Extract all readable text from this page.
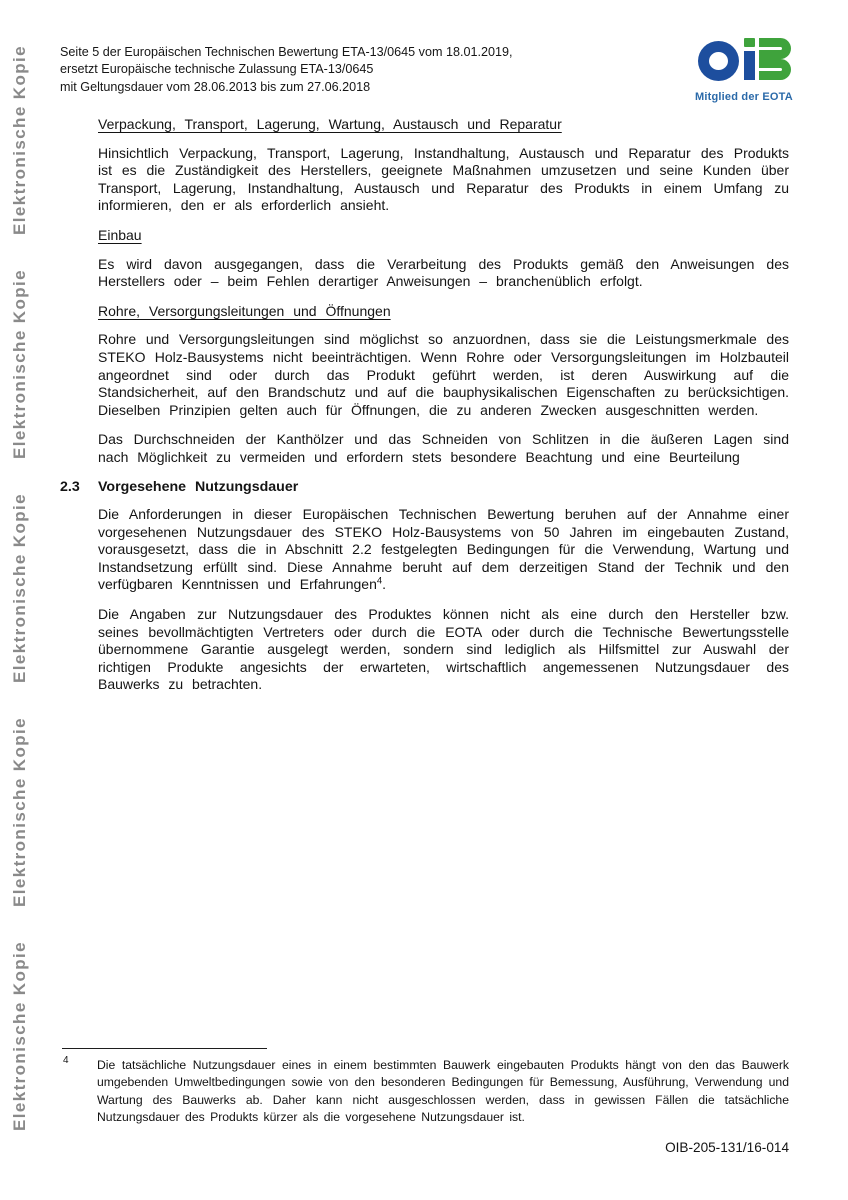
Elektronische Kopie
Elektronische Kopie
Elektronische Kopie
Elektronische Kopie
Elektronische Kopie
Seite 5 der Europäischen Technischen Bewertung ETA-13/0645 vom 18.01.2019,
ersetzt Europäische technische Zulassung ETA-13/0645
mit Geltungsdauer vom 28.06.2013 bis zum 27.06.2018
Mitglied der EOTA
Verpackung, Transport, Lagerung, Wartung, Austausch und Reparatur

Hinsichtlich Verpackung, Transport, Lagerung, Instandhaltung, Austausch und Reparatur des Produkts ist es die Zuständigkeit des Herstellers, geeignete Maßnahmen umzusetzen und seine Kunden über Transport, Lagerung, Instandhaltung, Austausch und Reparatur des Produkts in einem Umfang zu informieren, den er als erforderlich ansieht.

Einbau

Es wird davon ausgegangen, dass die Verarbeitung des Produkts gemäß den Anweisungen des Herstellers oder – beim Fehlen derartiger Anweisungen – branchenüblich erfolgt.

Rohre, Versorgungsleitungen und Öffnungen

Rohre und Versorgungsleitungen sind möglichst so anzuordnen, dass sie die Leistungsmerkmale des STEKO Holz-Bausystems nicht beeinträchtigen. Wenn Rohre oder Versorgungsleitungen im Holzbauteil angeordnet sind oder durch das Produkt geführt werden, ist deren Auswirkung auf die Standsicherheit, auf den Brandschutz und auf die bauphysikalischen Eigenschaften zu berücksichtigen. Dieselben Prinzipien gelten auch für Öffnungen, die zu anderen Zwecken ausgeschnitten werden.

Das Durchschneiden der Kanthölzer und das Schneiden von Schlitzen in die äußeren Lagen sind nach Möglichkeit zu vermeiden und erfordern stets besondere Beachtung und eine Beurteilung

2.3	Vorgesehene Nutzungsdauer

Die Anforderungen in dieser Europäischen Technischen Bewertung beruhen auf der Annahme einer vorgesehenen Nutzungsdauer des STEKO Holz-Bausystems von 50 Jahren im eingebauten Zustand, vorausgesetzt, dass die in Abschnitt 2.2 festgelegten Bedingungen für die Verwendung, Wartung und Instandsetzung erfüllt sind. Diese Annahme beruht auf dem derzeitigen Stand der Technik und den verfügbaren Kenntnissen und Erfahrungen$^4$.

Die Angaben zur Nutzungsdauer des Produktes können nicht als eine durch den Hersteller bzw. seines bevollmächtigten Vertreters oder durch die EOTA oder durch die Technische Bewertungsstelle übernommene Garantie ausgelegt werden, sondern sind lediglich als Hilfsmittel zur Auswahl der richtigen Produkte angesichts der erwarteten, wirtschaftlich angemessenen Nutzungsdauer des Bauwerks zu betrachten.

4 Die tatsächliche Nutzungsdauer eines in einem bestimmten Bauwerk eingebauten Produkts hängt von den das Bauwerk umgebenden Umweltbedingungen sowie von den besonderen Bedingungen für Bemessung, Ausführung, Verwendung und Wartung des Bauwerks ab. Daher kann nicht ausgeschlossen werden, dass in gewissen Fällen die tatsächliche Nutzungsdauer des Produkts kürzer als die vorgesehene Nutzungsdauer ist.
OIB-205-131/16-014
